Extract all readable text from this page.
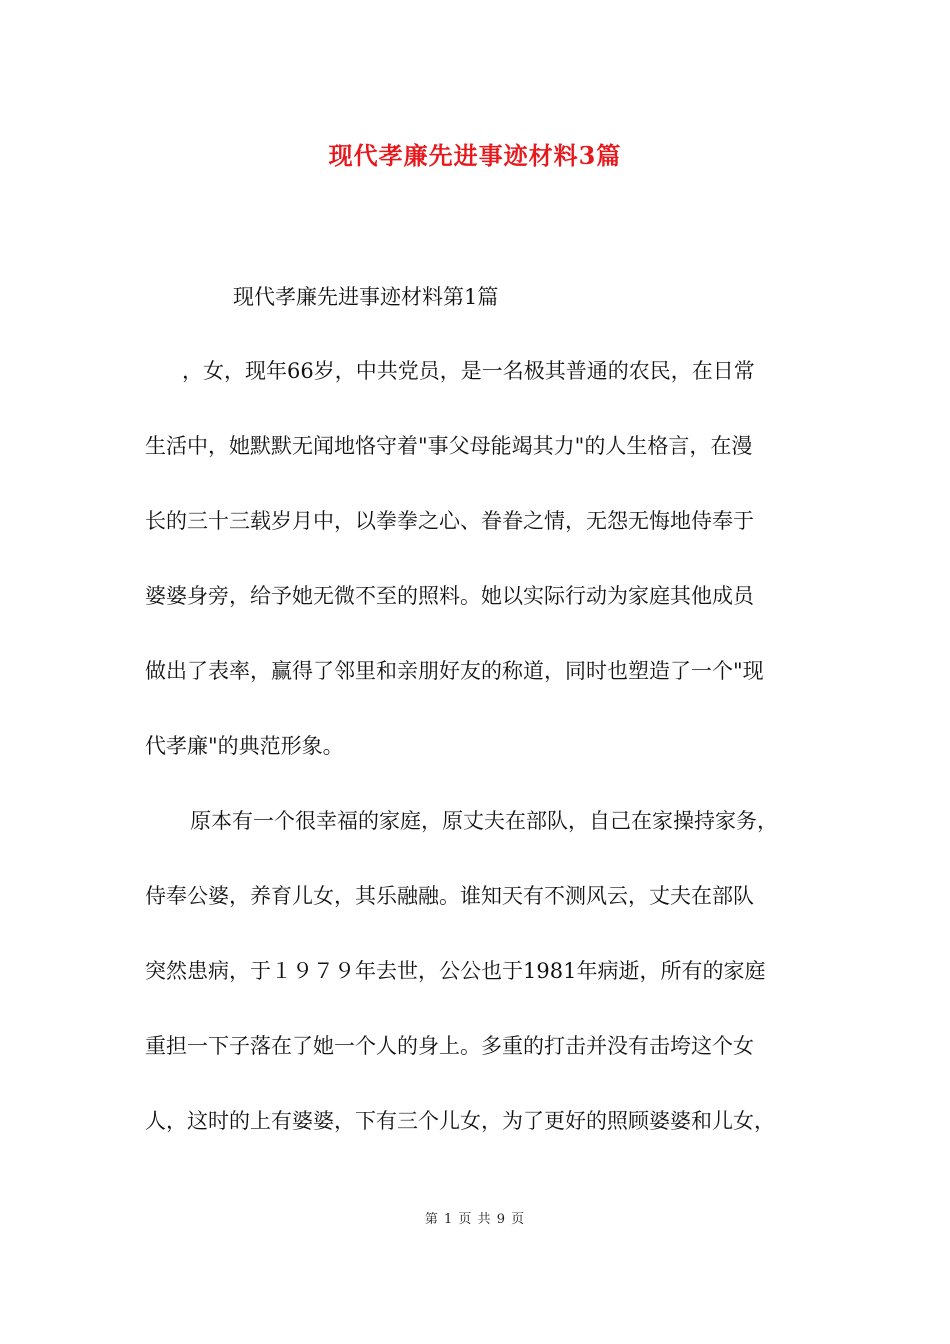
现代孝廉先进事迹材料3篇

现代孝廉先进事迹材料第1篇

，女，现年66岁，中共党员，是一名极其普通的农民，在日常

生活中，她默默无闻地恪守着"事父母能竭其力"的人生格言，在漫

长的三十三载岁月中，以拳拳之心、眷眷之情，无怨无悔地侍奉于

婆婆身旁，给予她无微不至的照料。她以实际行动为家庭其他成员

做出了表率，赢得了邻里和亲朋好友的称道，同时也塑造了一个"现

代孝廉"的典范形象。

原本有一个很幸福的家庭，原丈夫在部队，自己在家操持家务，

侍奉公婆，养育儿女，其乐融融。谁知天有不测风云，丈夫在部队

突然患病，于１９７９年去世，公公也于1981年病逝，所有的家庭

重担一下子落在了她一个人的身上。多重的打击并没有击垮这个女

人，这时的上有婆婆，下有三个儿女，为了更好的照顾婆婆和儿女，

第 1 页 共 9 页
